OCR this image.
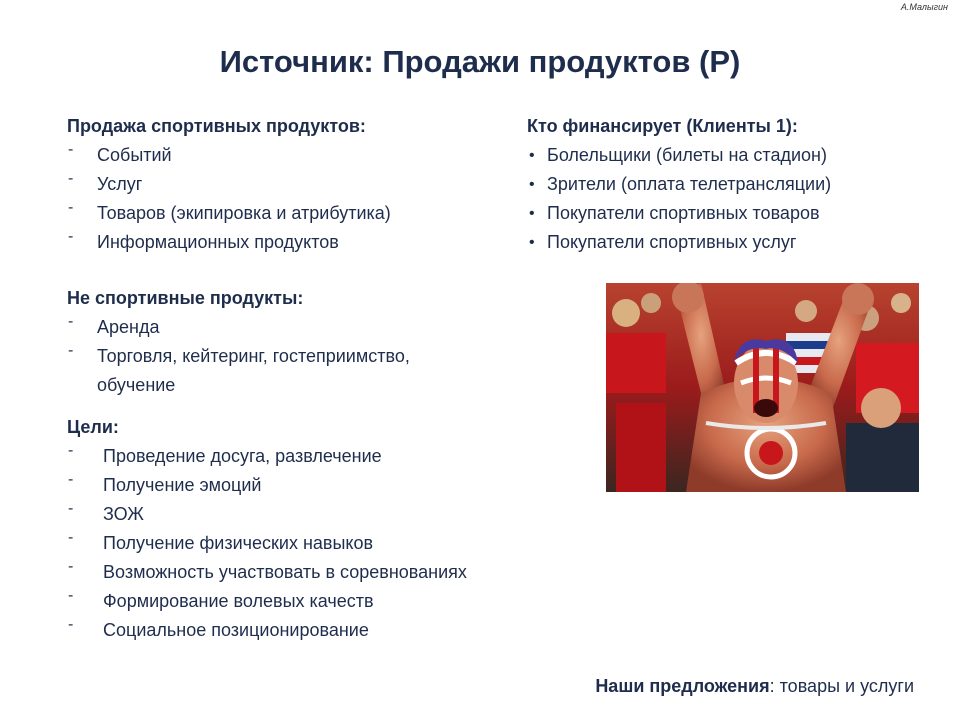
А.Малыгин
Источник: Продажи продуктов (Р)
Продажа спортивных продуктов:
- Событий
- Услуг
- Товаров (экипировка и атрибутика)
- Информационных продуктов
Не спортивные продукты:
- Аренда
- Торговля, кейтеринг, гостеприимство,
обучение
Цели:
- Проведение досуга, развлечение
- Получение эмоций
- ЗОЖ
- Получение физических навыков
- Возможность участвовать в соревнованиях
- Формирование волевых качеств
- Социальное позиционирование
Кто финансирует (Клиенты 1):
• Болельщики (билеты на стадион)
• Зрители (оплата телетрансляции)
• Покупатели спортивных товаров
• Покупатели спортивных услуг
Наши предложения: товары и услуги
